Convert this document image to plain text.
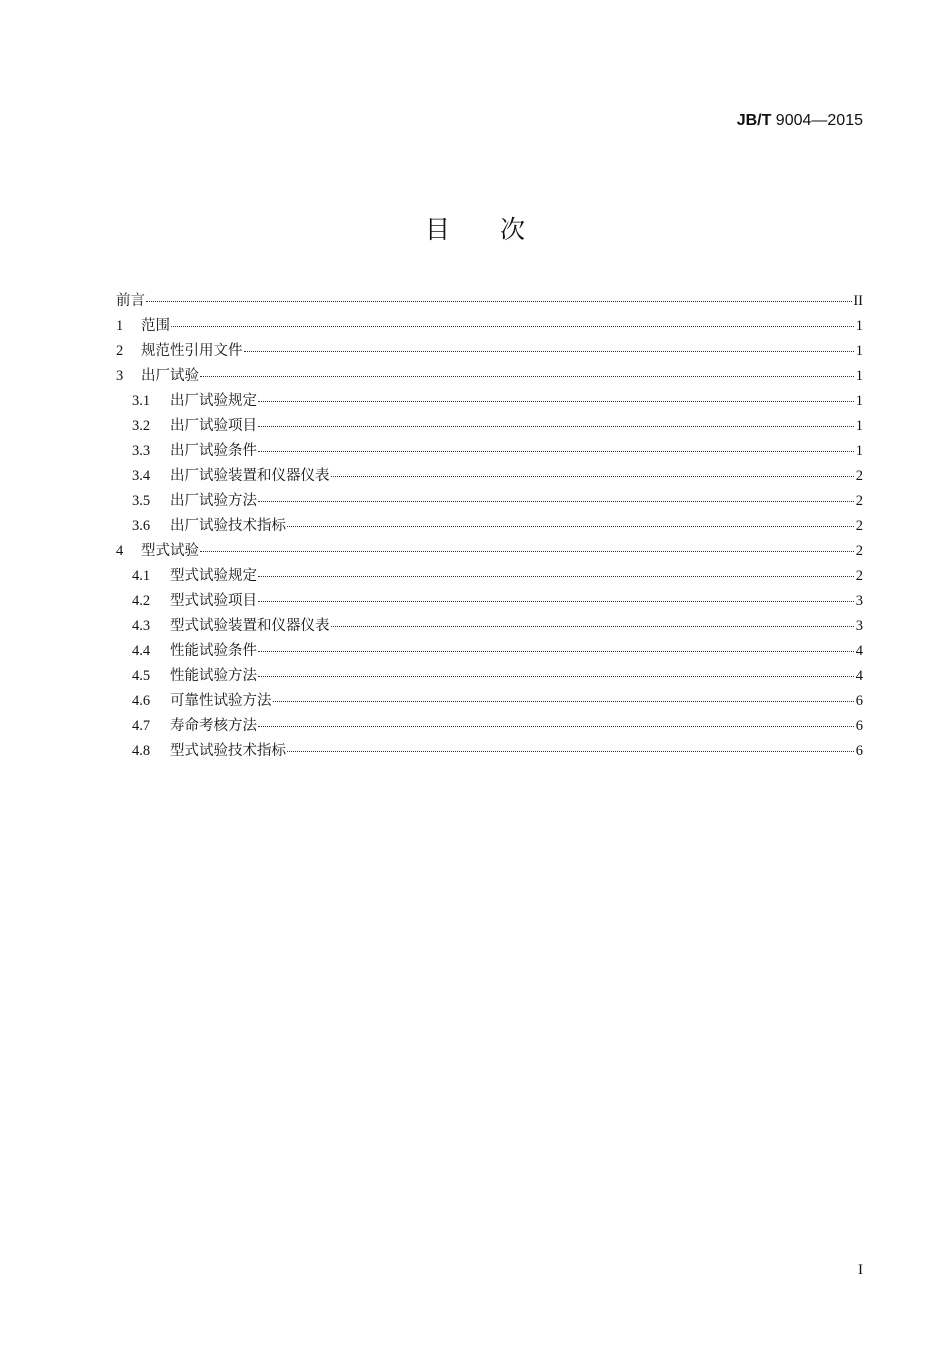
JB/T 9004—2015
目 次
前言	II
1	范围	1
2	规范性引用文件	1
3	出厂试验	1
3.1	出厂试验规定	1
3.2	出厂试验项目	1
3.3	出厂试验条件	1
3.4	出厂试验装置和仪器仪表	2
3.5	出厂试验方法	2
3.6	出厂试验技术指标	2
4	型式试验	2
4.1	型式试验规定	2
4.2	型式试验项目	3
4.3	型式试验装置和仪器仪表	3
4.4	性能试验条件	4
4.5	性能试验方法	4
4.6	可靠性试验方法	6
4.7	寿命考核方法	6
4.8	型式试验技术指标	6
I
